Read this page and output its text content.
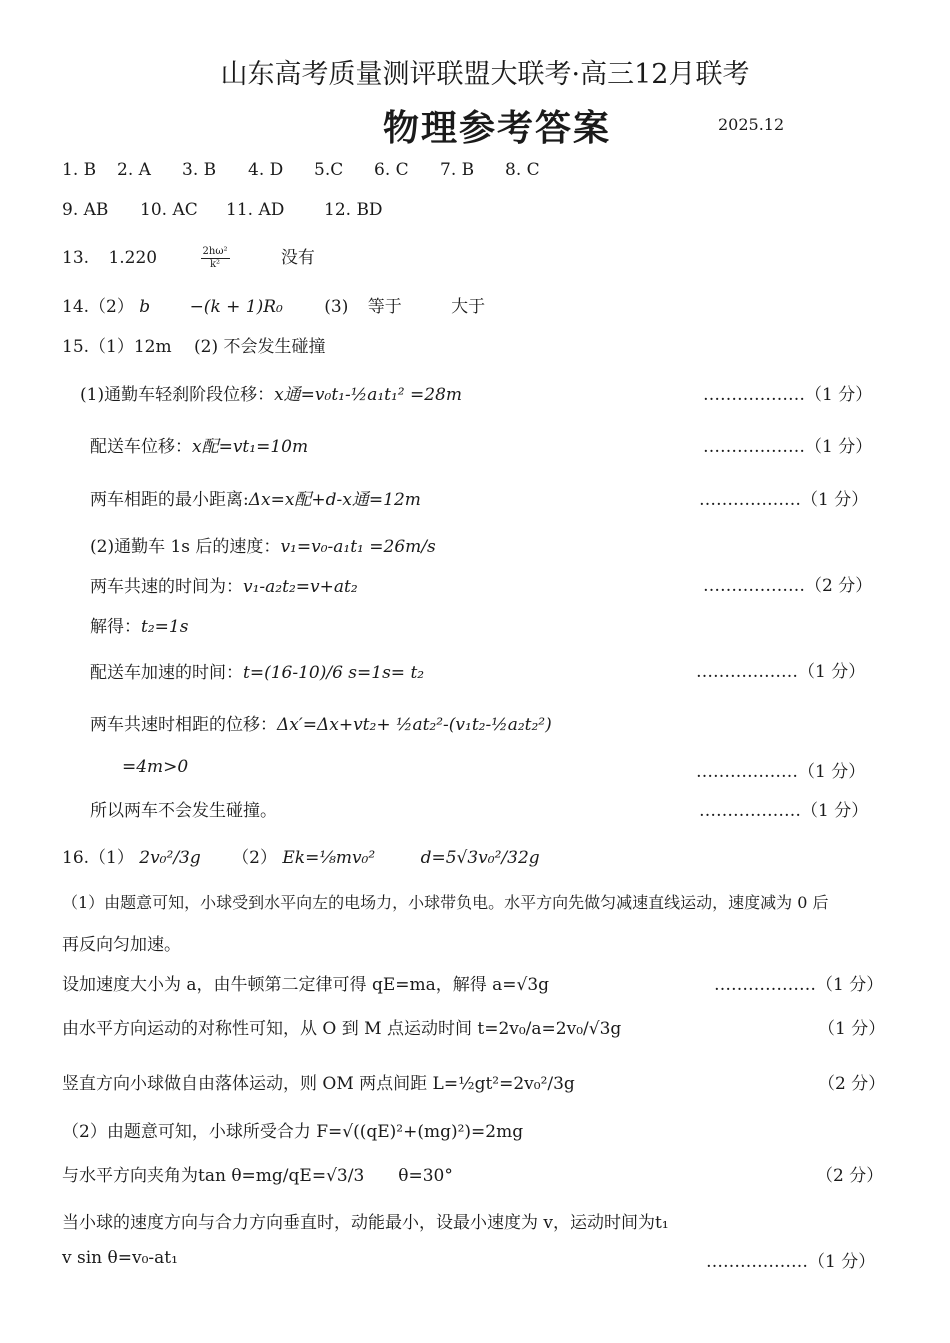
山东高考质量测评联盟大联考·高三12月联考
物理参考答案	2025.12
1. B 2. A 3. B 4. D 5.C 6. C 7. B 8. C
9. AB 10. AC 11. AD 12. BD
13. 1.220	$\frac{\text{2hω²}}{\text{k²}}$	没有
14.（2） b −(k + 1)R₀ (3) 等于	大于
15.（1）12m　 (2) 不会发生碰撞
(1)通勤车轻刹阶段位移：x通=v₀t₁-½a₁t₁² =28m	………………（1 分）
配送车位移：x配=vt₁=10m	………………（1 分）
两车相距的最小距离:Δx=x配+d-x通=12m	………………（1 分）
(2)通勤车 1s 后的速度：v₁=v₀-a₁t₁ =26m/s
两车共速的时间为：v₁-a₂t₂=v+at₂	………………（2 分）
解得：t₂=1s
配送车加速的时间：t=(16-10)/6 s=1s= t₂	………………（1 分）
两车共速时相距的位移：Δx′=Δx+vt₂+ ½at₂²-(v₁t₂-½a₂t₂²)
=4m>0	………………（1 分）
所以两车不会发生碰撞。	………………（1 分）
16.（1） 2v₀²/3g （2） Ek=⅛mv₀²	d=5√3v₀²/32g
（1）由题意可知，小球受到水平向左的电场力，小球带负电。水平方向先做匀减速直线运动，速度减为 0 后
再反向匀加速。
设加速度大小为 a，由牛顿第二定律可得 qE=ma，解得 a=√3g	………………（1 分）
由水平方向运动的对称性可知，从 O 到 M 点运动时间 t=2v₀/a=2v₀/√3g	（1 分）
竖直方向小球做自由落体运动，则 OM 两点间距 L=½gt²=2v₀²/3g	（2 分）
（2）由题意可知，小球所受合力 F=√((qE)²+(mg)²)=2mg
与水平方向夹角为tan θ=mg/qE=√3/3　　θ=30°	（2 分）
当小球的速度方向与合力方向垂直时，动能最小，设最小速度为 v，运动时间为t₁
v sin θ=v₀-at₁	………………（1 分）
